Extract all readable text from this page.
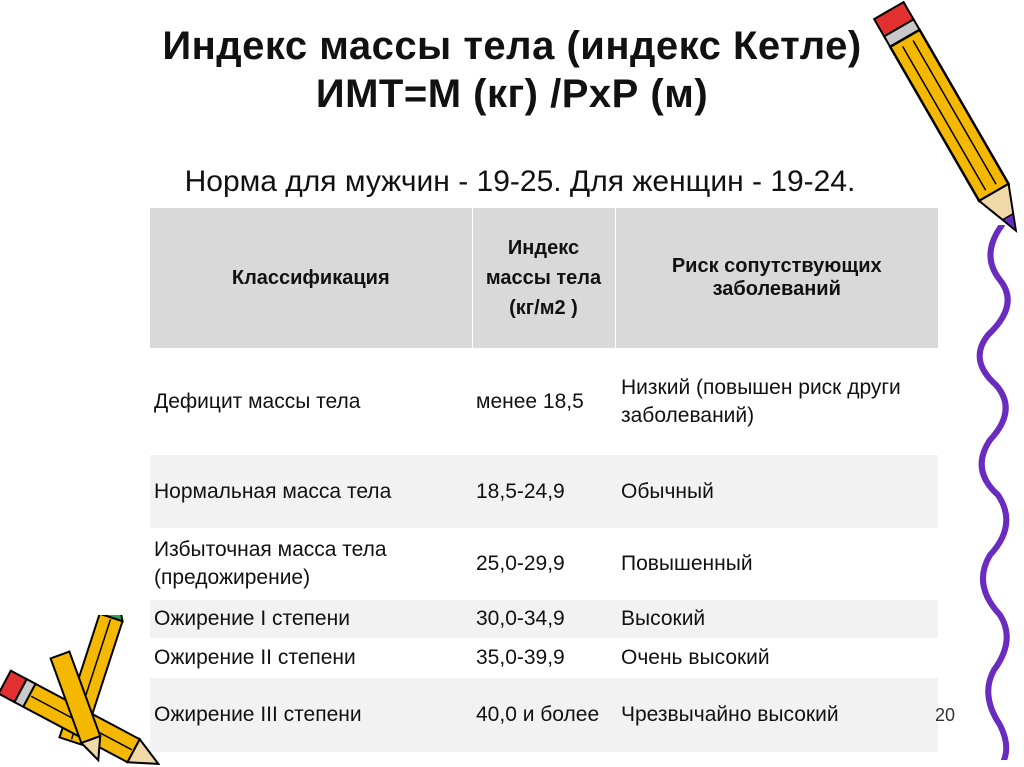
Индекс массы тела (индекс Кетле)
ИМТ=М (кг) /РхР (м)
Норма для мужчин - 19-25. Для женщин - 19-24.
Классификация	Индекс массы тела (кг/м2 )	Риск сопутствующих заболеваний
Дефицит массы тела	менее 18,5	Низкий (повышен риск други заболеваний)
Нормальная масса тела	18,5-24,9	Обычный
Избыточная масса тела (предожирение)	25,0-29,9	Повышенный
Ожирение I степени	30,0-34,9	Высокий
Ожирение II степени	35,0-39,9	Очень высокий
Ожирение III степени	40,0 и более	Чрезвычайно высокий	20
